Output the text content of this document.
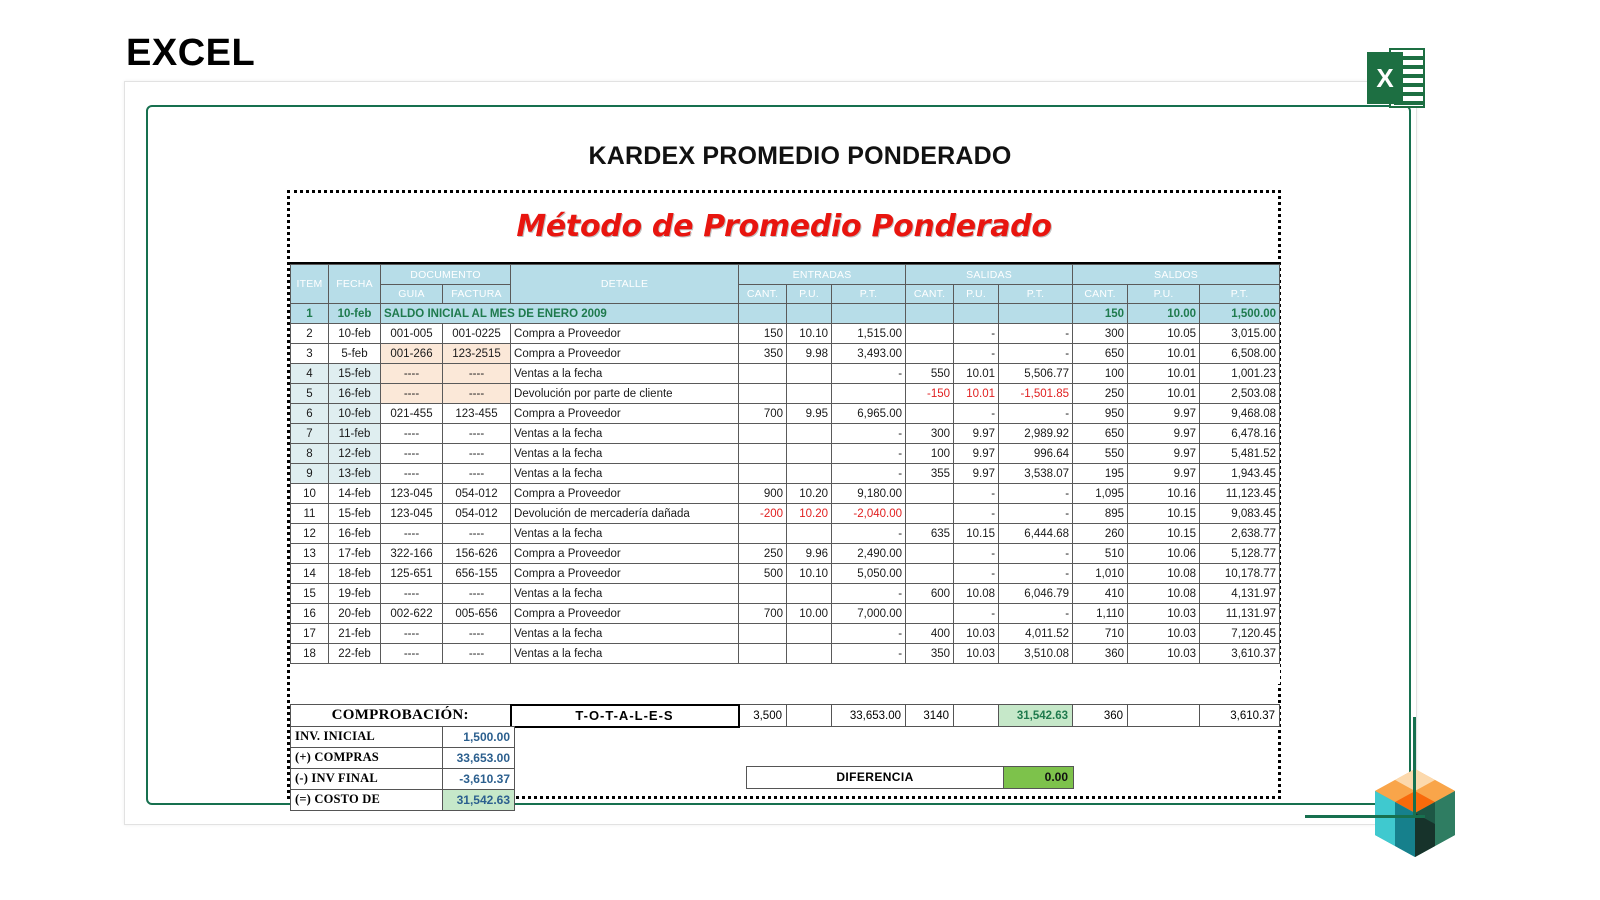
EXCEL
X
KARDEX PROMEDIO PONDERADO
Método de Promedio Ponderado
ITEM	FECHA	DOCUMENTO		DETALLE	ENTRADAS			SALIDAS			SALDOS		
		GUIA	FACTURA		CANT.	P.U.	P.T.	CANT.	P.U.	P.T.	CANT.	P.U.	P.T.
1	10-feb	SALDO INICIAL AL MES DE ENERO 2009									150	10.00	1,500.00
2	10-feb	001-005	001-0225	Compra a Proveedor	150	10.10	1,515.00		-	-	300	10.05	3,015.00
3	5-feb	001-266	123-2515	Compra a Proveedor	350	9.98	3,493.00		-	-	650	10.01	6,508.00
4	15-feb	----	----	Ventas a la fecha			-	550	10.01	5,506.77	100	10.01	1,001.23
5	16-feb	----	----	Devolución por parte de cliente				-150	10.01	-1,501.85	250	10.01	2,503.08
6	10-feb	021-455	123-455	Compra a Proveedor	700	9.95	6,965.00		-	-	950	9.97	9,468.08
7	11-feb	----	----	Ventas a la fecha			-	300	9.97	2,989.92	650	9.97	6,478.16
8	12-feb	----	----	Ventas a la fecha			-	100	9.97	996.64	550	9.97	5,481.52
9	13-feb	----	----	Ventas a la fecha			-	355	9.97	3,538.07	195	9.97	1,943.45
10	14-feb	123-045	054-012	Compra a Proveedor	900	10.20	9,180.00		-	-	1,095	10.16	11,123.45
11	15-feb	123-045	054-012	Devolución de mercadería dañada	-200	10.20	-2,040.00		-	-	895	10.15	9,083.45
12	16-feb	----	----	Ventas a la fecha			-	635	10.15	6,444.68	260	10.15	2,638.77
13	17-feb	322-166	156-626	Compra a Proveedor	250	9.96	2,490.00		-	-	510	10.06	5,128.77
14	18-feb	125-651	656-155	Compra a Proveedor	500	10.10	5,050.00		-	-	1,010	10.08	10,178.77
15	19-feb	----	----	Ventas a la fecha			-	600	10.08	6,046.79	410	10.08	4,131.97
16	20-feb	002-622	005-656	Compra a Proveedor	700	10.00	7,000.00		-	-	1,110	10.03	11,131.97
17	21-feb	----	----	Ventas a la fecha			-	400	10.03	4,011.52	710	10.03	7,120.45
18	22-feb	----	----	Ventas a la fecha			-	350	10.03	3,510.08	360	10.03	3,610.37

COMPROBACIÓN:	T-O-T-A-L-E-S	3,500		33,653.00	3140		31,542.63	360		3,610.37
INV. INICIAL	1,500.00
(+) COMPRAS	33,653.00
(-) INV FINAL	-3,610.37
(=) COSTO DE	31,542.63
DIFERENCIA	0.00
